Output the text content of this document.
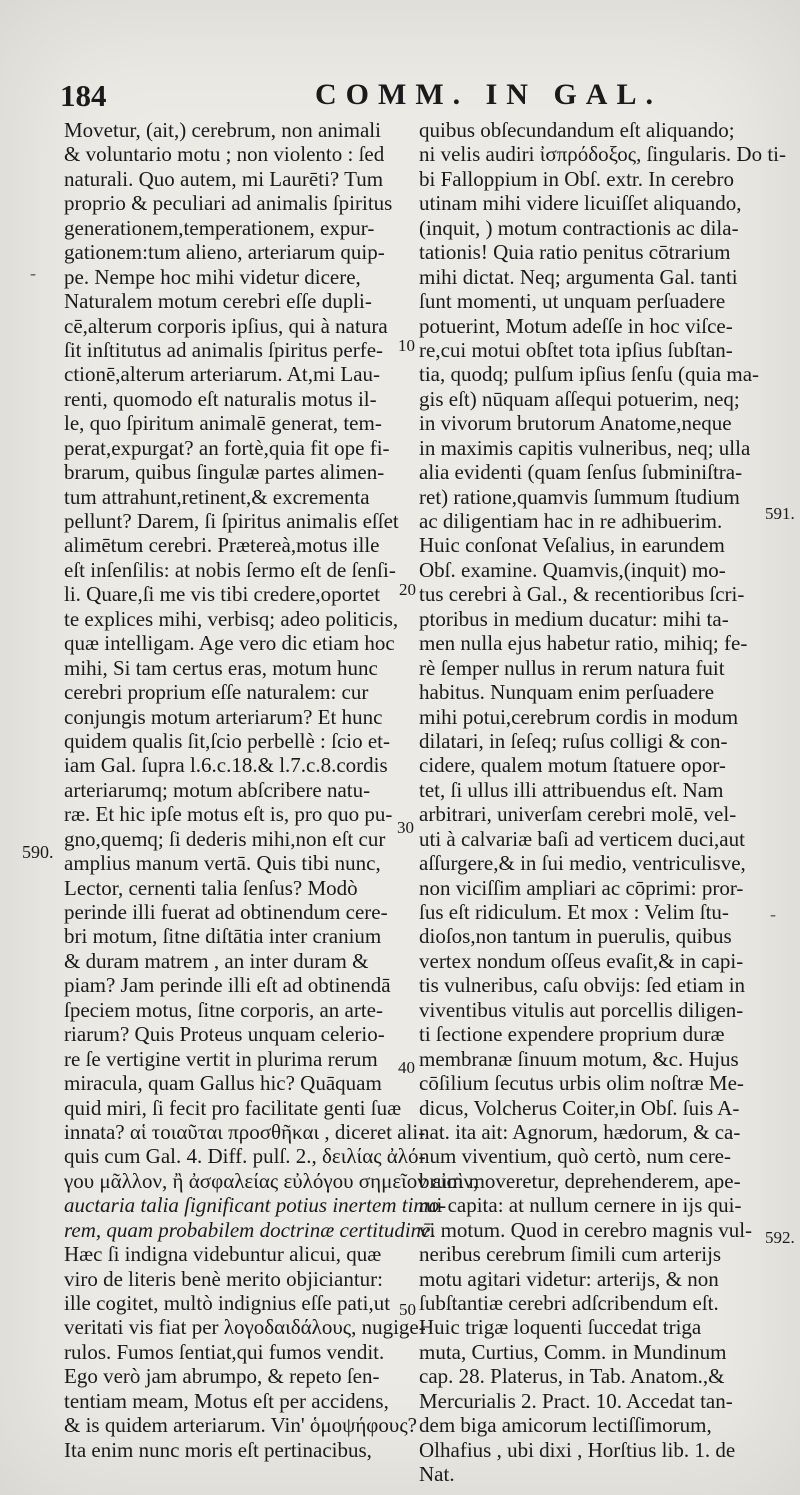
184	COMM. IN GAL.
Movetur, (ait,) cerebrum, non animali
& voluntario motu ; non violento : ſed
naturali. Quo autem, mi Laurēti? Tum
proprio & peculiari ad animalis ſpiritus
generationem,temperationem, expur-
gationem:tum alieno, arteriarum quip-
pe. Nempe hoc mihi videtur dicere,
Naturalem motum cerebri eſſe dupli-
cē,alterum corporis ipſius, qui à natura
ſit inſtitutus ad animalis ſpiritus perfe-
ctionē,alterum arteriarum. At,mi Lau-
renti, quomodo eſt naturalis motus il-
le, quo ſpiritum animalē generat, tem-
perat,expurgat? an fortè,quia fit ope fi-
brarum, quibus ſingulæ partes alimen-
tum attrahunt,retinent,& excrementa
pellunt? Darem, ſi ſpiritus animalis eſſet
alimētum cerebri. Prætereà,motus ille
eſt inſenſilis: at nobis ſermo eſt de ſenſi-
li. Quare,ſi me vis tibi credere,oportet
te explices mihi, verbisq; adeo politicis,
quæ intelligam. Age vero dic etiam hoc
mihi, Si tam certus eras, motum hunc
cerebri proprium eſſe naturalem: cur
conjungis motum arteriarum? Et hunc
quidem qualis ſit,ſcio perbellè : ſcio et-
iam Gal. ſupra l.6.c.18.& l.7.c.8.cordis
arteriarumq; motum abſcribere natu-
ræ. Et hic ipſe motus eſt is, pro quo pu-
gno,quemq; ſi dederis mihi,non eſt cur
amplius manum vertā. Quis tibi nunc,
Lector, cernenti talia ſenſus? Modò
perinde illi fuerat ad obtinendum cere-
bri motum, ſitne diſtātia inter cranium
& duram matrem , an inter duram &
piam? Jam perinde illi eſt ad obtinendā
ſpeciem motus, ſitne corporis, an arte-
riarum? Quis Proteus unquam celerio-
re ſe vertigine vertit in plurima rerum
miracula, quam Gallus hic? Quāquam
quid miri, ſi fecit pro facilitate genti ſuæ
innata? αἱ τοιαῦται προσθῆκαι , diceret ali-
quis cum Gal. 4. Diff. pulſ. 2., δειλίας ἀλό-
γου μᾶλλον, ἢ ἀσφαλείας εὐλόγου σημεῖον εἰσὶν,
auctaria talia ſignificant potius inertem timo-
rem, quam probabilem doctrinæ certitudinē.
Hæc ſi indigna videbuntur alicui, quæ
viro de literis benè merito objiciantur:
ille cogitet, multò indignius eſſe pati,ut
veritati vis fiat per λογοδαιδάλους, nugige-
rulos. Fumos ſentiat,qui fumos vendit.
Ego verò jam abrumpo, & repeto ſen-
tentiam meam, Motus eſt per accidens,
& is quidem arteriarum. Vin' ὁμοψήφους?
Ita enim nunc moris eſt pertinacibus,
quibus obſecundandum eſt aliquando;
ni velis audiri ἰσπρόδοξος, ſingularis. Do ti-
bi Falloppium in Obſ. extr. In cerebro
utinam mihi videre licuiſſet aliquando,
(inquit, ) motum contractionis ac dila-
tationis! Quia ratio penitus cōtrarium
mihi dictat. Neq; argumenta Gal. tanti
ſunt momenti, ut unquam perſuadere
potuerint, Motum adeſſe in hoc viſce-
re,cui motui obſtet tota ipſius ſubſtan-
tia, quodq; pulſum ipſius ſenſu (quia ma-
gis eſt) nūquam aſſequi potuerim, neq;
in vivorum brutorum Anatome,neque
in maximis capitis vulneribus, neq; ulla
alia evidenti (quam ſenſus ſubminiſtra-
ret) ratione,quamvis ſummum ſtudium
ac diligentiam hac in re adhibuerim.
Huic conſonat Veſalius, in earundem
Obſ. examine. Quamvis,(inquit) mo-
tus cerebri à Gal., & recentioribus ſcri-
ptoribus in medium ducatur: mihi ta-
men nulla ejus habetur ratio, mihiq; fe-
rè ſemper nullus in rerum natura fuit
habitus. Nunquam enim perſuadere
mihi potui,cerebrum cordis in modum
dilatari, in ſeſeq; ruſus colligi & con-
cidere, qualem motum ſtatuere opor-
tet, ſi ullus illi attribuendus eſt. Nam
arbitrari, univerſam cerebri molē, vel-
uti à calvariæ baſi ad verticem duci,aut
aſſurgere,& in ſui medio, ventriculisve,
non viciſſim ampliari ac cōprimi: pror-
ſus eſt ridiculum. Et mox : Velim ſtu-
dioſos,non tantum in puerulis, quibus
vertex nondum oſſeus evaſit,& in capi-
tis vulneribus, caſu obvijs: ſed etiam in
viventibus vitulis aut porcellis diligen-
ti ſectione expendere proprium duræ
membranæ ſinuum motum, &c. Hujus
cōſilium ſecutus urbis olim noſtræ Me-
dicus, Volcherus Coiter,in Obſ. ſuis A-
nat. ita ait: Agnorum, hædorum, & ca-
num viventium, quò certò, num cere-
brum moveretur, deprehenderem, ape-
rui capita: at nullum cernere in ijs qui-
vi motum. Quod in cerebro magnis vul-
neribus cerebrum ſimili cum arterijs
motu agitari videtur: arterijs, & non
ſubſtantiæ cerebri adſcribendum eſt.
Huic trigæ loquenti ſuccedat triga
muta, Curtius, Comm. in Mundinum
cap. 28. Platerus, in Tab. Anatom.,&
Mercurialis 2. Pract. 10. Accedat tan-
dem biga amicorum lectiſſimorum,
Olhafius , ubi dixi , Horſtius lib. 1. de
Nat.
10
20
30
40
50
590.
591.
592.
-
-
